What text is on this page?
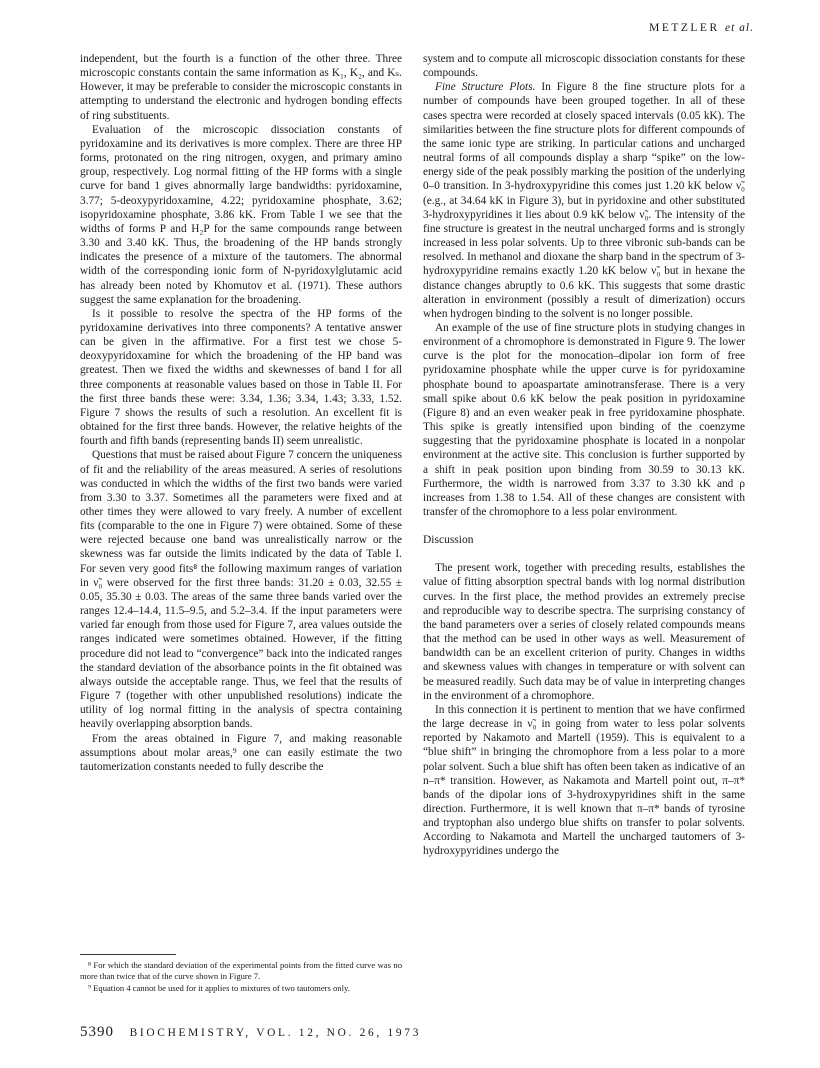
METZLER et al.

independent, but the fourth is a function of the other three. Three microscopic constants contain the same information as K₁, K₂, and Kₛ. However, it may be preferable to consider the microscopic constants in attempting to understand the electronic and hydrogen bonding effects of ring substituents.

Evaluation of the microscopic dissociation constants of pyridoxamine and its derivatives is more complex. There are three HP forms, protonated on the ring nitrogen, oxygen, and primary amino group, respectively. Log normal fitting of the HP forms with a single curve for band 1 gives abnormally large bandwidths: pyridoxamine, 3.77; 5-deoxypyridoxamine, 4.22; pyridoxamine phosphate, 3.62; isopyridoxamine phosphate, 3.86 kK. From Table I we see that the widths of forms P and H₂P for the same compounds range between 3.30 and 3.40 kK. Thus, the broadening of the HP bands strongly indicates the presence of a mixture of the tautomers. The abnormal width of the corresponding ionic form of N-pyridoxylglutamic acid has already been noted by Khomutov et al. (1971). These authors suggest the same explanation for the broadening.

Is it possible to resolve the spectra of the HP forms of the pyridoxamine derivatives into three components? A tentative answer can be given in the affirmative. For a first test we chose 5-deoxypyridoxamine for which the broadening of the HP band was greatest. Then we fixed the widths and skewnesses of band I for all three components at reasonable values based on those in Table II. For the first three bands these were: 3.34, 1.36; 3.34, 1.43; 3.33, 1.52. Figure 7 shows the results of such a resolution. An excellent fit is obtained for the first three bands. However, the relative heights of the fourth and fifth bands (representing bands II) seem unrealistic.

Questions that must be raised about Figure 7 concern the uniqueness of fit and the reliability of the areas measured. A series of resolutions was conducted in which the widths of the first two bands were varied from 3.30 to 3.37. Sometimes all the parameters were fixed and at other times they were allowed to vary freely. A number of excellent fits (comparable to the one in Figure 7) were obtained. Some of these were rejected because one band was unrealistically narrow or the skewness was far outside the limits indicated by the data of Table I. For seven very good fits⁸ the following maximum ranges of variation in ν̃₀ were observed for the first three bands: 31.20 ± 0.03, 32.55 ± 0.05, 35.30 ± 0.03. The areas of the same three bands varied over the ranges 12.4–14.4, 11.5–9.5, and 5.2–3.4. If the input parameters were varied far enough from those used for Figure 7, area values outside the ranges indicated were sometimes obtained. However, if the fitting procedure did not lead to “convergence” back into the indicated ranges the standard deviation of the absorbance points in the fit obtained was always outside the acceptable range. Thus, we feel that the results of Figure 7 (together with other unpublished resolutions) indicate the utility of log normal fitting in the analysis of spectra containing heavily overlapping absorption bands.

From the areas obtained in Figure 7, and making reasonable assumptions about molar areas,⁹ one can easily estimate the two tautomerization constants needed to fully describe the

system and to compute all microscopic dissociation constants for these compounds.

Fine Structure Plots. In Figure 8 the fine structure plots for a number of compounds have been grouped together. In all of these cases spectra were recorded at closely spaced intervals (0.05 kK). The similarities between the fine structure plots for different compounds of the same ionic type are striking. In particular cations and uncharged neutral forms of all compounds display a sharp “spike” on the low-energy side of the peak possibly marking the position of the underlying 0–0 transition. In 3-hydroxypyridine this comes just 1.20 kK below ν̃₀ (e.g., at 34.64 kK in Figure 3), but in pyridoxine and other substituted 3-hydroxypyridines it lies about 0.9 kK below ν̃₀. The intensity of the fine structure is greatest in the neutral uncharged forms and is strongly increased in less polar solvents. Up to three vibronic sub-bands can be resolved. In methanol and dioxane the sharp band in the spectrum of 3-hydroxypyridine remains exactly 1.20 kK below ν̃₀ but in hexane the distance changes abruptly to 0.6 kK. This suggests that some drastic alteration in environment (possibly a result of dimerization) occurs when hydrogen binding to the solvent is no longer possible.

An example of the use of fine structure plots in studying changes in environment of a chromophore is demonstrated in Figure 9. The lower curve is the plot for the monocation–dipolar ion form of free pyridoxamine phosphate while the upper curve is for pyridoxamine phosphate bound to apoaspartate aminotransferase. There is a very small spike about 0.6 kK below the peak position in pyridoxamine (Figure 8) and an even weaker peak in free pyridoxamine phosphate. This spike is greatly intensified upon binding of the coenzyme suggesting that the pyridoxamine phosphate is located in a nonpolar environment at the active site. This conclusion is further supported by a shift in peak position upon binding from 30.59 to 30.13 kK. Furthermore, the width is narrowed from 3.37 to 3.30 kK and ρ increases from 1.38 to 1.54. All of these changes are consistent with transfer of the chromophore to a less polar environment.

Discussion

The present work, together with preceding results, establishes the value of fitting absorption spectral bands with log normal distribution curves. In the first place, the method provides an extremely precise and reproducible way to describe spectra. The surprising constancy of the band parameters over a series of closely related compounds means that the method can be used in other ways as well. Measurement of bandwidth can be an excellent criterion of purity. Changes in widths and skewness values with changes in temperature or with solvent can be measured readily. Such data may be of value in interpreting changes in the environment of a chromophore.

In this connection it is pertinent to mention that we have confirmed the large decrease in ν̃₀ in going from water to less polar solvents reported by Nakamoto and Martell (1959). This is equivalent to a “blue shift” in bringing the chromophore from a less polar to a more polar solvent. Such a blue shift has often been taken as indicative of an n–π* transition. However, as Nakamota and Martell point out, π–π* bands of the dipolar ions of 3-hydroxypyridines shift in the same direction. Furthermore, it is well known that π–π* bands of tyrosine and tryptophan also undergo blue shifts on transfer to polar solvents. According to Nakamota and Martell the uncharged tautomers of 3-hydroxypyridines undergo the

⁸ For which the standard deviation of the experimental points from the fitted curve was no more than twice that of the curve shown in Figure 7.

⁹ Equation 4 cannot be used for it applies to mixtures of two tautomers only.

5390 BIOCHEMISTRY, VOL. 12, NO. 26, 1973
